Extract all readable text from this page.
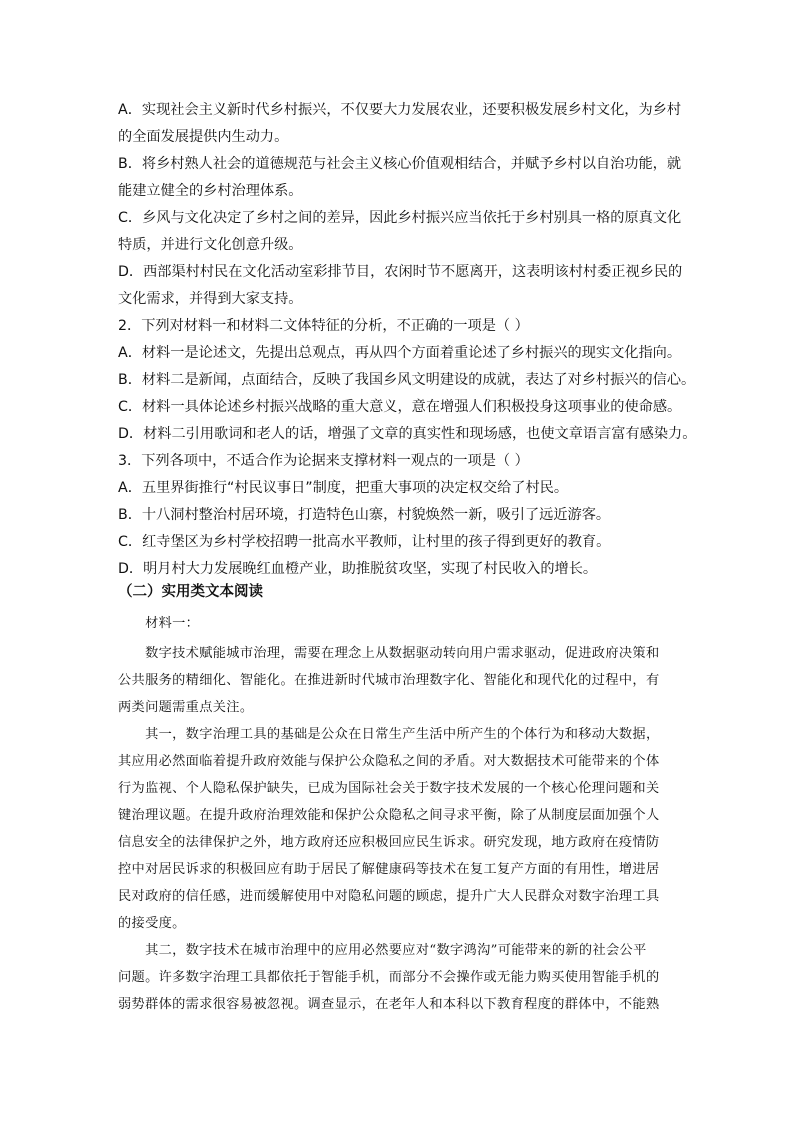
A．实现社会主义新时代乡村振兴，不仅要大力发展农业，还要积极发展乡村文化，为乡村

的全面发展提供内生动力。

B．将乡村熟人社会的道德规范与社会主义核心价值观相结合，并赋予乡村以自治功能，就

能建立健全的乡村治理体系。

C．乡风与文化决定了乡村之间的差异，因此乡村振兴应当依托于乡村别具一格的原真文化

特质，并进行文化创意升级。

D．西部渠村村民在文化活动室彩排节目，农闲时节不愿离开，这表明该村村委正视乡民的

文化需求，并得到大家支持。

2．下列对材料一和材料二文体特征的分析，不正确的一项是（ ）

A．材料一是论述文，先提出总观点，再从四个方面着重论述了乡村振兴的现实文化指向。

B．材料二是新闻，点面结合，反映了我国乡风文明建设的成就，表达了对乡村振兴的信心。

C．材料一具体论述乡村振兴战略的重大意义，意在增强人们积极投身这项事业的使命感。

D．材料二引用歌词和老人的话，增强了文章的真实性和现场感，也使文章语言富有感染力。

3．下列各项中，不适合作为论据来支撑材料一观点的一项是（ ）

A．五里界街推行“村民议事日”制度，把重大事项的决定权交给了村民。

B．十八洞村整治村居环境，打造特色山寨，村貌焕然一新，吸引了远近游客。

C．红寺堡区为乡村学校招聘一批高水平教师，让村里的孩子得到更好的教育。

D．明月村大力发展晚红血橙产业，助推脱贫攻坚，实现了村民收入的增长。

（二）实用类文本阅读

　　材料一：

　　数字技术赋能城市治理，需要在理念上从数据驱动转向用户需求驱动，促进政府决策和

公共服务的精细化、智能化。在推进新时代城市治理数字化、智能化和现代化的过程中，有

两类问题需重点关注。

　　其一，数字治理工具的基础是公众在日常生产生活中所产生的个体行为和移动大数据，

其应用必然面临着提升政府效能与保护公众隐私之间的矛盾。对大数据技术可能带来的个体

行为监视、个人隐私保护缺失，已成为国际社会关于数字技术发展的一个核心伦理问题和关

键治理议题。在提升政府治理效能和保护公众隐私之间寻求平衡，除了从制度层面加强个人

信息安全的法律保护之外，地方政府还应积极回应民生诉求。研究发现，地方政府在疫情防

控中对居民诉求的积极回应有助于居民了解健康码等技术在复工复产方面的有用性，增进居

民对政府的信任感，进而缓解使用中对隐私问题的顾虑，提升广大人民群众对数字治理工具

的接受度。

　　其二，数字技术在城市治理中的应用必然要应对“数字鸿沟”可能带来的新的社会公平

问题。许多数字治理工具都依托于智能手机，而部分不会操作或无能力购买使用智能手机的

弱势群体的需求很容易被忽视。调查显示，在老年人和本科以下教育程度的群体中，不能熟
